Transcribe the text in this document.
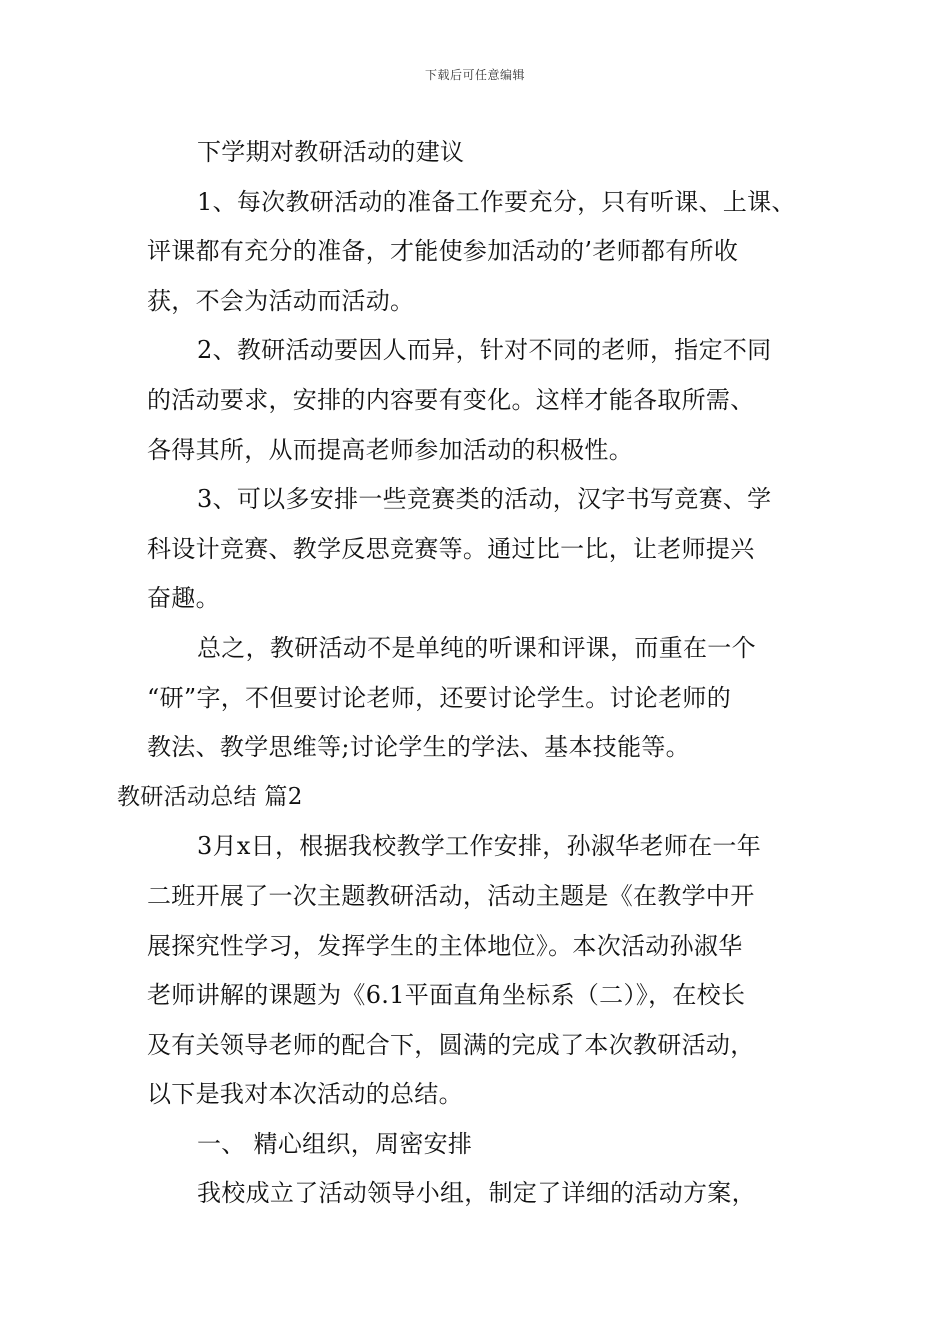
下载后可任意编辑
下学期对教研活动的建议
1、每次教研活动的准备工作要充分，只有听课、上课、
评课都有充分的准备，才能使参加活动的’老师都有所收
获，不会为活动而活动。
2、教研活动要因人而异，针对不同的老师，指定不同
的活动要求，安排的内容要有变化。这样才能各取所需、
各得其所，从而提高老师参加活动的积极性。
3、可以多安排一些竞赛类的活动，汉字书写竞赛、学
科设计竞赛、教学反思竞赛等。通过比一比，让老师提兴
奋趣。
总之，教研活动不是单纯的听课和评课，而重在一个
“研”字，不但要讨论老师，还要讨论学生。讨论老师的
教法、教学思维等;讨论学生的学法、基本技能等。
教研活动总结 篇2
3月x日，根据我校教学工作安排，孙淑华老师在一年
二班开展了一次主题教研活动，活动主题是《在教学中开
展探究性学习，发挥学生的主体地位》。本次活动孙淑华
老师讲解的课题为《6.1平面直角坐标系（二）》，在校长
及有关领导老师的配合下，圆满的完成了本次教研活动，
以下是我对本次活动的总结。
一、 精心组织，周密安排
我校成立了活动领导小组，制定了详细的活动方案，
